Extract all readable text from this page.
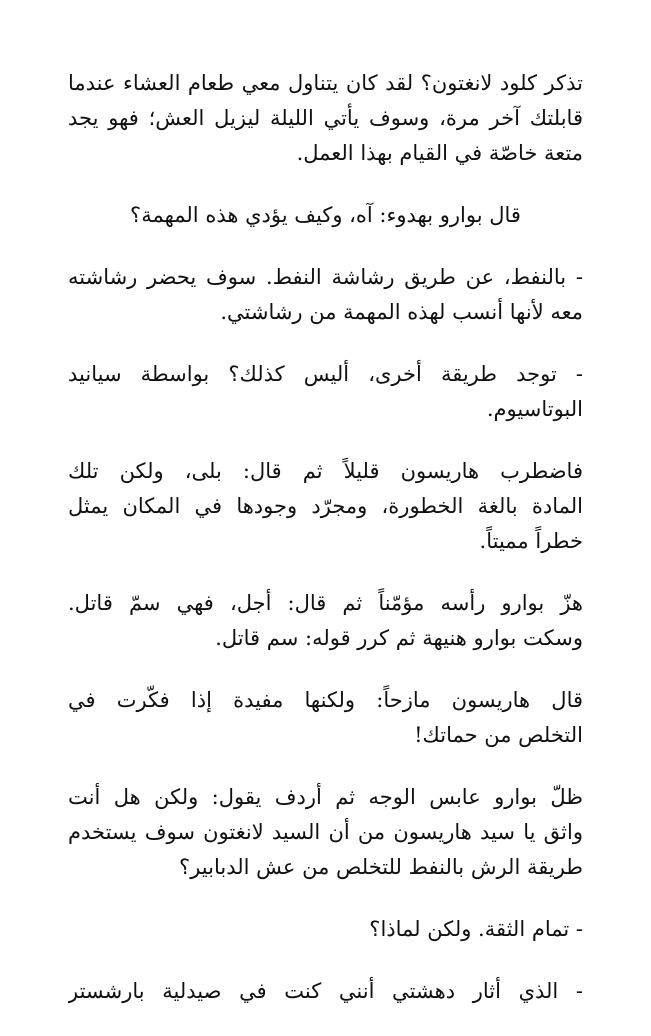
تذكر كلود لانغتون؟ لقد كان يتناول معي طعام العشاء عندما
قابلتك آخر مرة، وسوف يأتي الليلة ليزيل العش؛ فهو يجد
متعة خاصّة في القيام بهذا العمل.
قال بوارو بهدوء: آه، وكيف يؤدي هذه المهمة؟
- بالنفط، عن طريق رشاشة النفط. سوف يحضر رشاشته
معه لأنها أنسب لهذه المهمة من رشاشتي.
- توجد طريقة أخرى، أليس كذلك؟ بواسطة سيانيد
البوتاسيوم.
فاضطرب هاريسون قليلاً ثم قال: بلى، ولكن تلك
المادة بالغة الخطورة، ومجرّد وجودها في المكان يمثل
خطراً مميتاً.
هزّ بوارو رأسه مؤمّناً ثم قال: أجل، فهي سمّ قاتل.
وسكت بوارو هنيهة ثم كرر قوله: سم قاتل.
قال هاريسون مازحاً: ولكنها مفيدة إذا فكّرت في
التخلص من حماتك!
ظلّ بوارو عابس الوجه ثم أردف يقول: ولكن هل أنت
واثق يا سيد هاريسون من أن السيد لانغتون سوف يستخدم
طريقة الرش بالنفط للتخلص من عش الدبابير؟
- تمام الثقة. ولكن لماذا؟
- الذي أثار دهشتي أنني كنت في صيدلية بارشستر
